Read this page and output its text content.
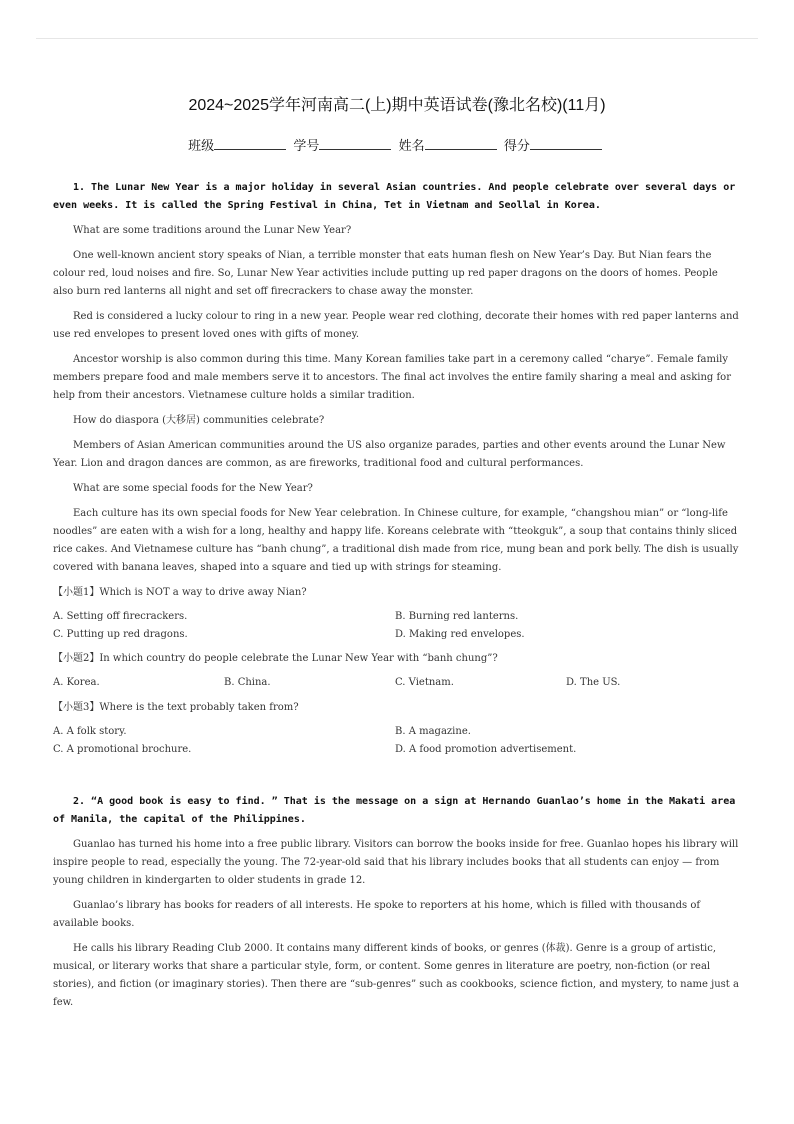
2024~2025学年河南高二(上)期中英语试卷(豫北名校)(11月)
班级	学号	姓名	得分

1. The Lunar New Year is a major holiday in several Asian countries. And people celebrate over several days or even weeks. It is called the Spring Festival in China, Tet in Vietnam and Seollal in Korea.

What are some traditions around the Lunar New Year?

One well-known ancient story speaks of Nian, a terrible monster that eats human flesh on New Year’s Day. But Nian fears the colour red, loud noises and fire. So, Lunar New Year activities include putting up red paper dragons on the doors of homes. People also burn red lanterns all night and set off firecrackers to chase away the monster.

Red is considered a lucky colour to ring in a new year. People wear red clothing, decorate their homes with red paper lanterns and use red envelopes to present loved ones with gifts of money.

Ancestor worship is also common during this time. Many Korean families take part in a ceremony called “charye”. Female family members prepare food and male members serve it to ancestors. The final act involves the entire family sharing a meal and asking for help from their ancestors. Vietnamese culture holds a similar tradition.

How do diaspora (大移居) communities celebrate?

Members of Asian American communities around the US also organize parades, parties and other events around the Lunar New Year. Lion and dragon dances are common, as are fireworks, traditional food and cultural performances.

What are some special foods for the New Year?

Each culture has its own special foods for New Year celebration. In Chinese culture, for example, “changshou mian” or “long-life noodles” are eaten with a wish for a long, healthy and happy life. Koreans celebrate with “tteokguk”, a soup that contains thinly sliced rice cakes. And Vietnamese culture has “banh chung”, a traditional dish made from rice, mung bean and pork belly. The dish is usually covered with banana leaves, shaped into a square and tied up with strings for steaming.

【小题1】Which is NOT a way to drive away Nian?

A. Setting off firecrackers.	B. Burning red lanterns.
C. Putting up red dragons.	D. Making red envelopes.

【小题2】In which country do people celebrate the Lunar New Year with “banh chung”?

A. Korea.	B. China.	C. Vietnam.	D. The US.

【小题3】Where is the text probably taken from?

A. A folk story.	B. A magazine.
C. A promotional brochure.	D. A food promotion advertisement.

2. “A good book is easy to find. ” That is the message on a sign at Hernando Guanlao’s home in the Makati area of Manila, the capital of the Philippines.

Guanlao has turned his home into a free public library. Visitors can borrow the books inside for free. Guanlao hopes his library will inspire people to read, especially the young. The 72-year-old said that his library includes books that all students can enjoy — from young children in kindergarten to older students in grade 12.

Guanlao’s library has books for readers of all interests. He spoke to reporters at his home, which is filled with thousands of available books.

He calls his library Reading Club 2000. It contains many different kinds of books, or genres (体裁). Genre is a group of artistic, musical, or literary works that share a particular style, form, or content. Some genres in literature are poetry, non-fiction (or real stories), and fiction (or imaginary stories). Then there are “sub-genres” such as cookbooks, science fiction, and mystery, to name just a few.
